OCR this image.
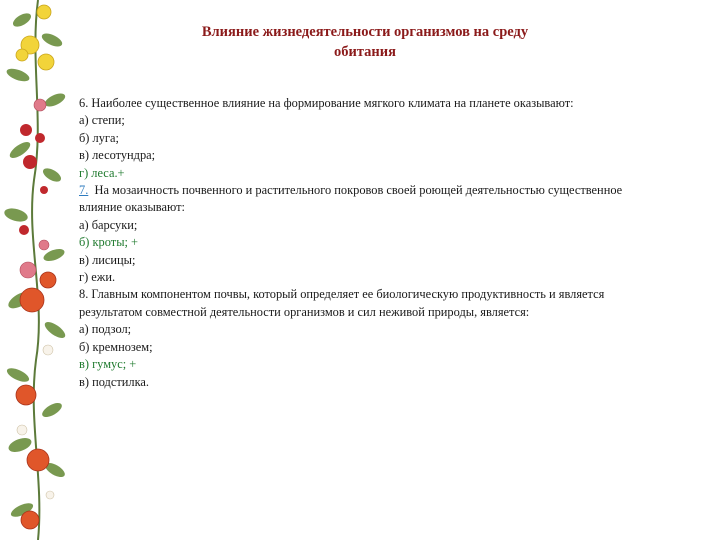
Влияние жизнедеятельности организмов на среду
обитания
6. Наиболее существенное влияние на формирование мягкого климата на планете оказывают:
а) степи;
б) луга;
в) лесотундра;
г) леса.+
7.  На мозаичность почвенного и растительного покровов своей роющей деятельностью существенное
влияние оказывают:
а) барсуки;
б) кроты; +
в) лисицы;
г) ежи.
8. Главным компонентом почвы, который определяет ее биологическую продуктивность и является
результатом совместной деятельности организмов и сил неживой природы, является:
а) подзол;
б) кремнозем;
в) гумус; +
в) подстилка.
